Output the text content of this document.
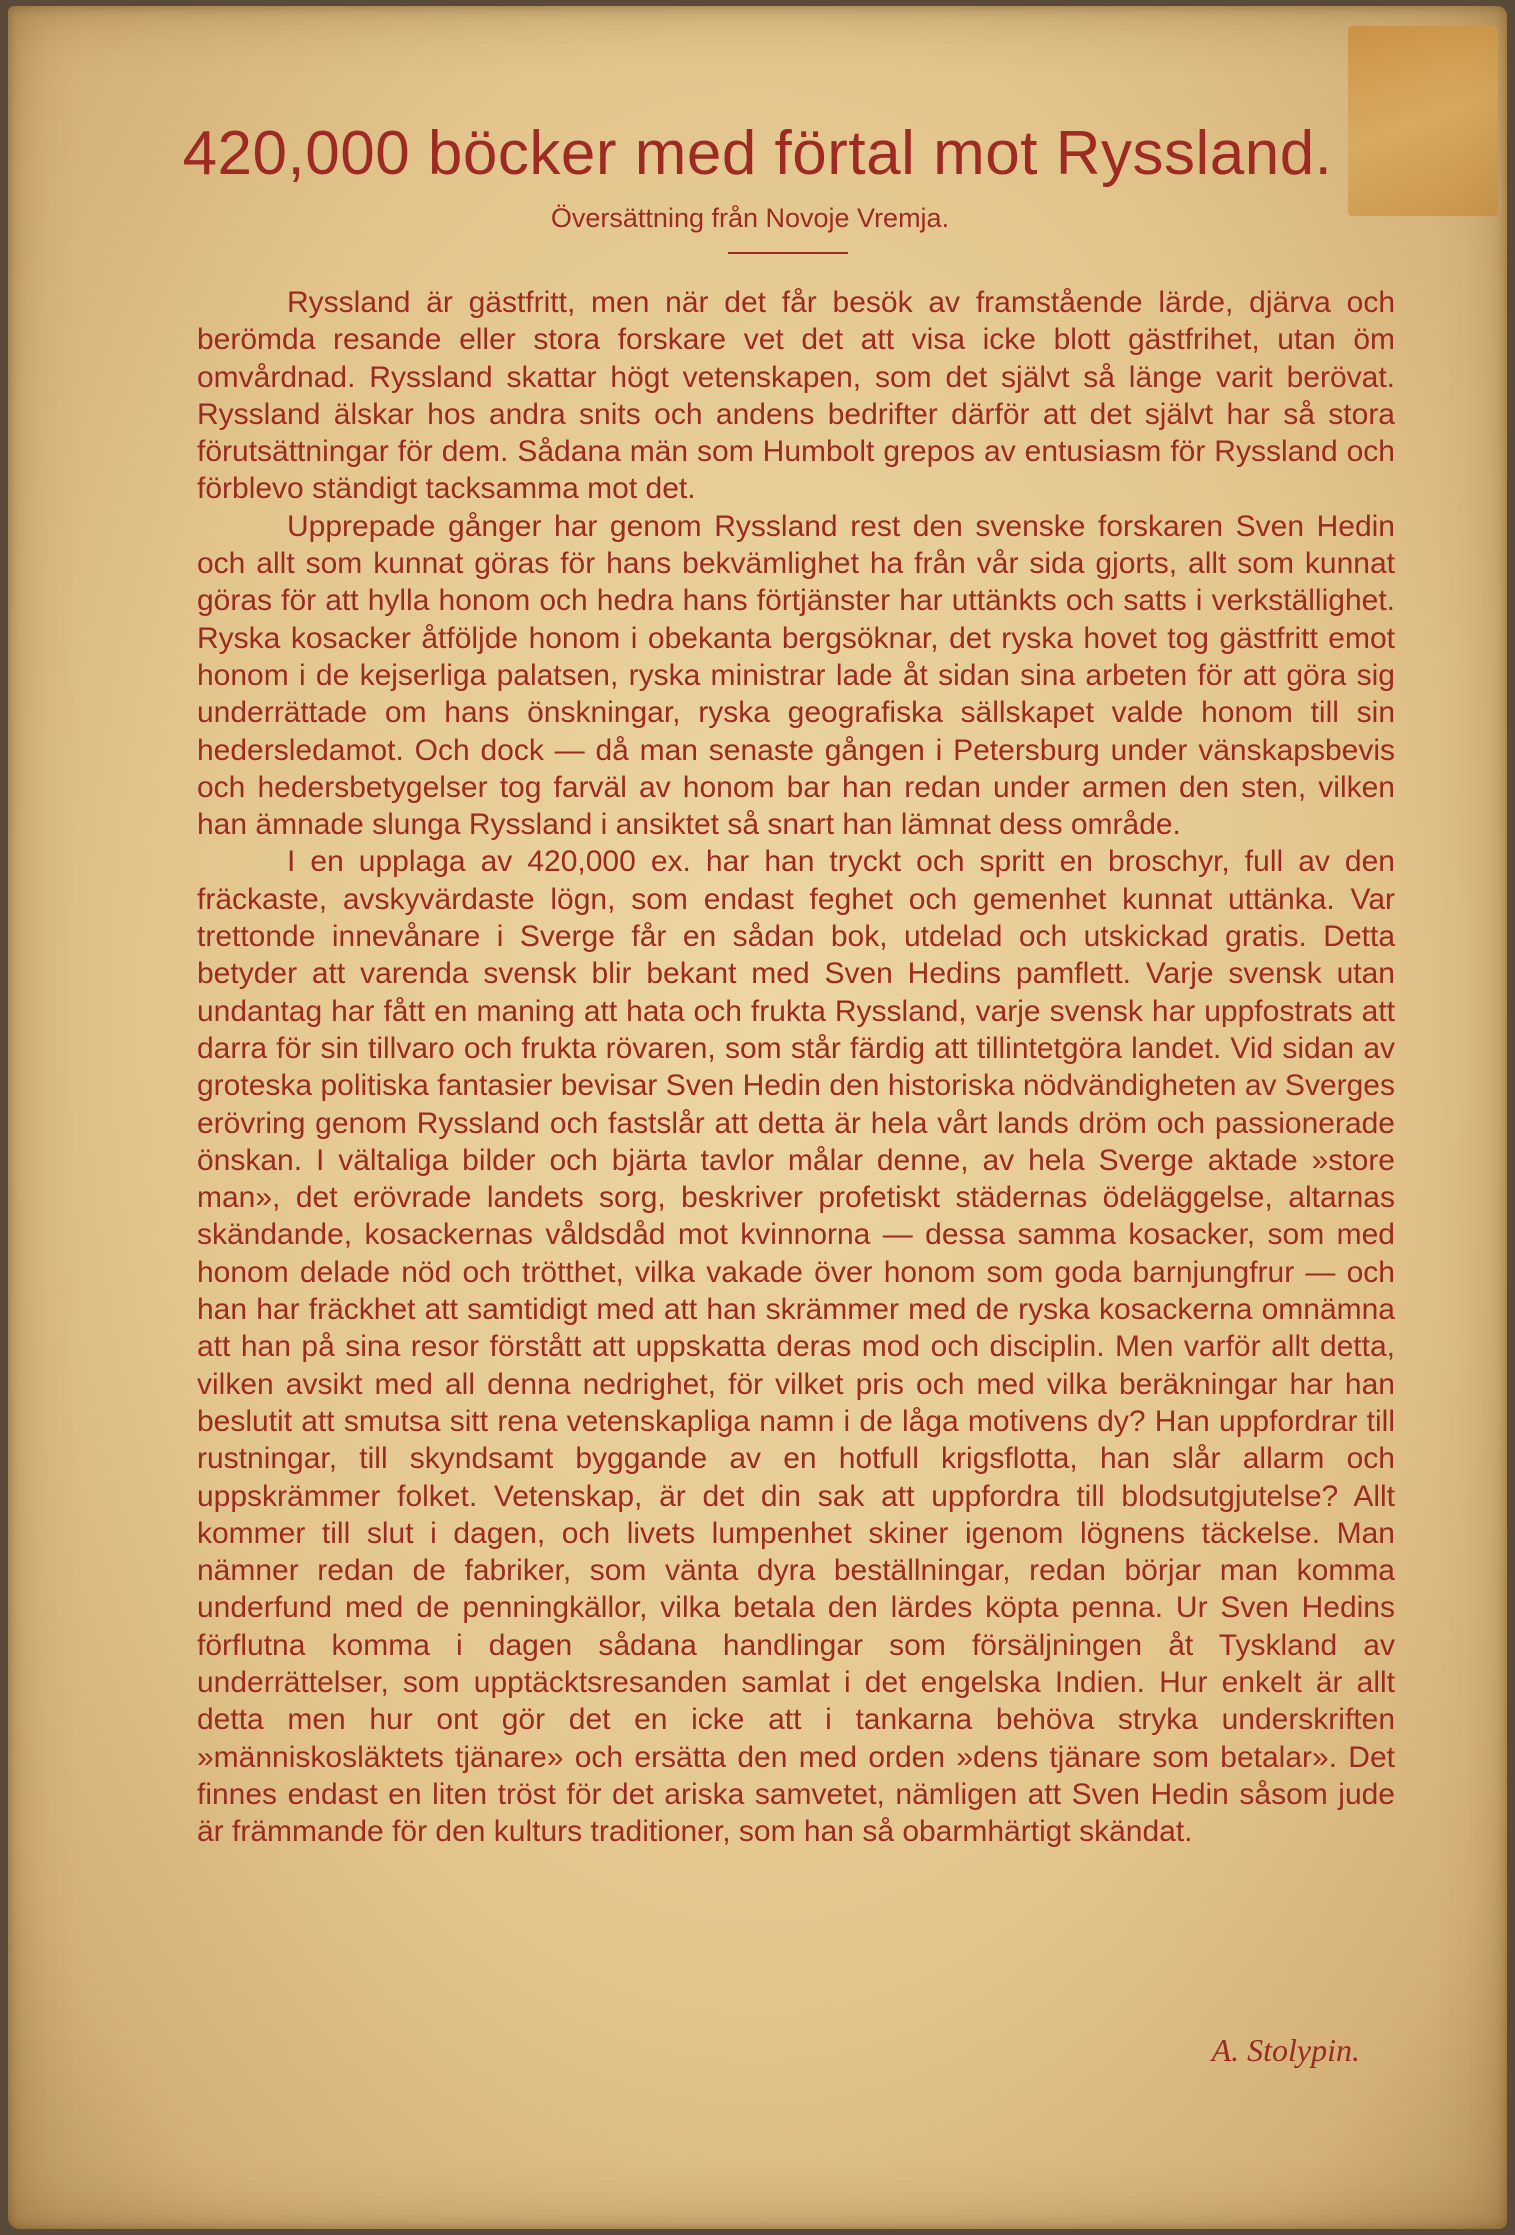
420,000 böcker med förtal mot Ryssland.
Översättning från Novoje Vremja.

Ryssland är gästfritt, men när det får besök av framstående lärde, djärva och berömda resande eller stora forskare vet det att visa icke blott gästfrihet, utan öm omvårdnad. Ryssland skattar högt vetenskapen, som det självt så länge varit berövat. Ryssland älskar hos andra snits och andens bedrifter därför att det självt har så stora förutsättningar för dem. Sådana män som Humbolt grepos av entusiasm för Ryssland och förblevo ständigt tacksamma mot det.

Upprepade gånger har genom Ryssland rest den svenske forskaren Sven Hedin och allt som kunnat göras för hans bekvämlighet ha från vår sida gjorts, allt som kunnat göras för att hylla honom och hedra hans förtjänster har uttänkts och satts i verkställighet. Ryska kosacker åtföljde honom i obekanta bergsöknar, det ryska hovet tog gästfritt emot honom i de kejserliga palatsen, ryska ministrar lade åt sidan sina arbeten för att göra sig underrättade om hans önskningar, ryska geografiska sällskapet valde honom till sin hedersledamot. Och dock — då man senaste gången i Petersburg under vänskapsbevis och hedersbetygelser tog farväl av honom bar han redan under armen den sten, vilken han ämnade slunga Ryssland i ansiktet så snart han lämnat dess område.

I en upplaga av 420,000 ex. har han tryckt och spritt en broschyr, full av den fräckaste, avskyvärdaste lögn, som endast feghet och gemenhet kunnat uttänka. Var trettonde innevånare i Sverge får en sådan bok, utdelad och utskickad gratis. Detta betyder att varenda svensk blir bekant med Sven Hedins pamflett. Varje svensk utan undantag har fått en maning att hata och frukta Ryssland, varje svensk har uppfostrats att darra för sin tillvaro och frukta rövaren, som står färdig att tillintetgöra landet. Vid sidan av groteska politiska fantasier bevisar Sven Hedin den historiska nödvändigheten av Sverges erövring genom Ryssland och fastslår att detta är hela vårt lands dröm och passionerade önskan. I vältaliga bilder och bjärta tavlor målar denne, av hela Sverge aktade »store man», det erövrade landets sorg, beskriver profetiskt städernas ödeläggelse, altarnas skändande, kosackernas våldsdåd mot kvinnorna — dessa samma kosacker, som med honom delade nöd och trötthet, vilka vakade över honom som goda barnjungfrur — och han har fräckhet att samtidigt med att han skrämmer med de ryska kosackerna omnämna att han på sina resor förstått att uppskatta deras mod och disciplin. Men varför allt detta, vilken avsikt med all denna nedrighet, för vilket pris och med vilka beräkningar har han beslutit att smutsa sitt rena vetenskapliga namn i de låga motivens dy? Han uppfordrar till rustningar, till skyndsamt byggande av en hotfull krigsflotta, han slår allarm och uppskrämmer folket. Vetenskap, är det din sak att uppfordra till blodsutgjutelse? Allt kommer till slut i dagen, och livets lumpenhet skiner igenom lögnens täckelse. Man nämner redan de fabriker, som vänta dyra beställningar, redan börjar man komma underfund med de penningkällor, vilka betala den lärdes köpta penna. Ur Sven Hedins förflutna komma i dagen sådana handlingar som försäljningen åt Tyskland av underrättelser, som upptäcktsresanden samlat i det engelska Indien. Hur enkelt är allt detta men hur ont gör det en icke att i tankarna behöva stryka underskriften »människosläktets tjänare» och ersätta den med orden »dens tjänare som betalar». Det finnes endast en liten tröst för det ariska samvetet, nämligen att Sven Hedin såsom jude är främmande för den kulturs traditioner, som han så obarmhärtigt skändat.

A. Stolypin.
